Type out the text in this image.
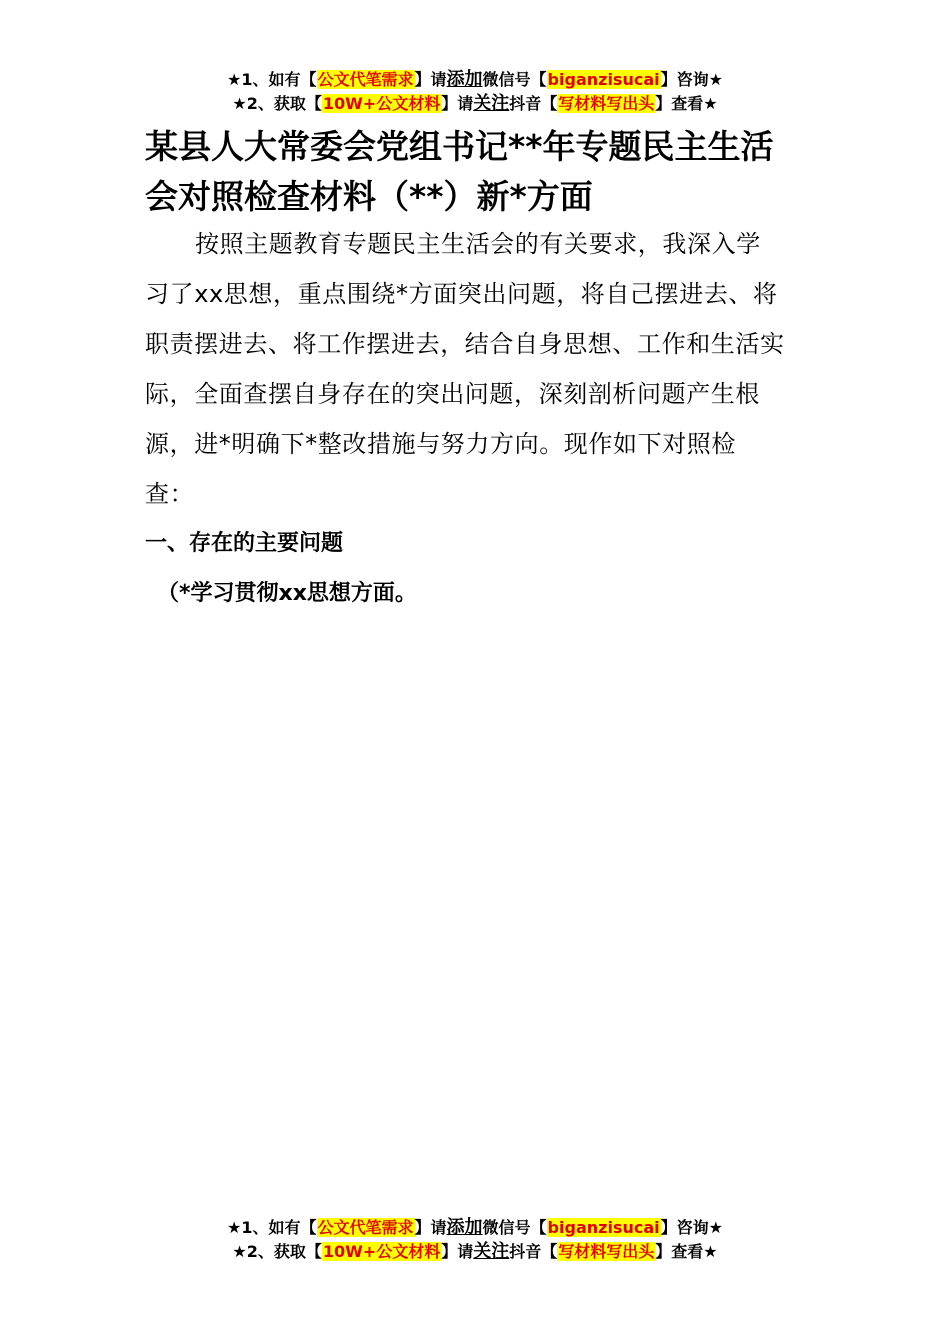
★1、如有【公文代笔需求】请添加微信号【biganzisucai】咨询★
★2、获取【10W+公文材料】请关注抖音【写材料写出头】查看★
某县人大常委会党组书记**年专题民主生活会对照检查材料（**）新*方面

按照主题教育专题民主生活会的有关要求，我深入学习了xx思想，重点围绕*方面突出问题，将自己摆进去、将职责摆进去、将工作摆进去，结合自身思想、工作和生活实际，全面查摆自身存在的突出问题，深刻剖析问题产生根源，进*明确下*整改措施与努力方向。现作如下对照检查：

一、存在的主要问题
（*学习贯彻xx思想方面。
★1、如有【公文代笔需求】请添加微信号【biganzisucai】咨询★
★2、获取【10W+公文材料】请关注抖音【写材料写出头】查看★
